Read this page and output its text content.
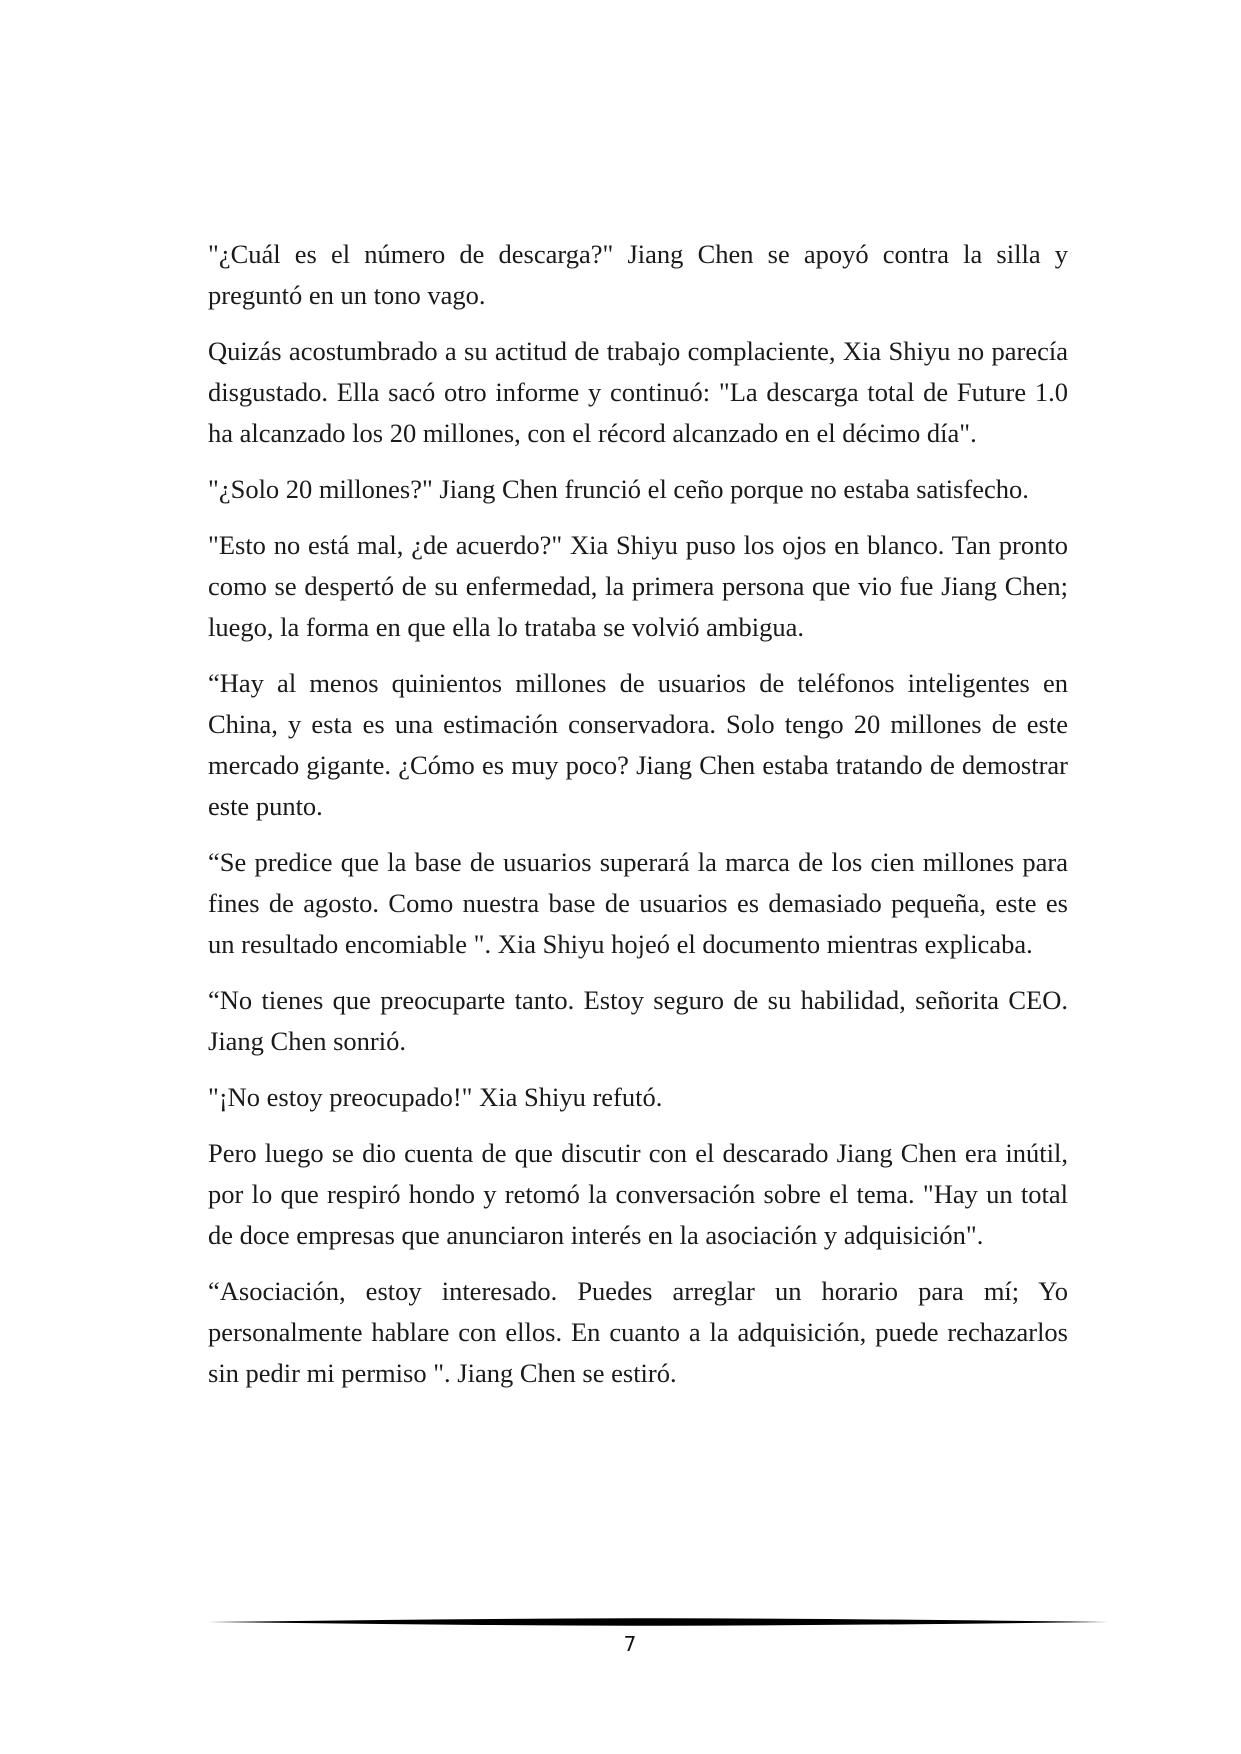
"¿Cuál es el número de descarga?" Jiang Chen se apoyó contra la silla y preguntó en un tono vago.

Quizás acostumbrado a su actitud de trabajo complaciente, Xia Shiyu no parecía disgustado. Ella sacó otro informe y continuó: "La descarga total de Future 1.0 ha alcanzado los 20 millones, con el récord alcanzado en el décimo día".

"¿Solo 20 millones?" Jiang Chen frunció el ceño porque no estaba satisfecho.

"Esto no está mal, ¿de acuerdo?" Xia Shiyu puso los ojos en blanco. Tan pronto como se despertó de su enfermedad, la primera persona que vio fue Jiang Chen; luego, la forma en que ella lo trataba se volvió ambigua.

“Hay al menos quinientos millones de usuarios de teléfonos inteligentes en China, y esta es una estimación conservadora. Solo tengo 20 millones de este mercado gigante. ¿Cómo es muy poco? Jiang Chen estaba tratando de demostrar este punto.

“Se predice que la base de usuarios superará la marca de los cien millones para fines de agosto. Como nuestra base de usuarios es demasiado pequeña, este es un resultado encomiable ". Xia Shiyu hojeó el documento mientras explicaba.

“No tienes que preocuparte tanto. Estoy seguro de su habilidad, señorita CEO. Jiang Chen sonrió.

"¡No estoy preocupado!" Xia Shiyu refutó.

Pero luego se dio cuenta de que discutir con el descarado Jiang Chen era inútil, por lo que respiró hondo y retomó la conversación sobre el tema. "Hay un total de doce empresas que anunciaron interés en la asociación y adquisición".

“Asociación, estoy interesado. Puedes arreglar un horario para mí; Yo personalmente hablare con ellos. En cuanto a la adquisición, puede rechazarlos sin pedir mi permiso ". Jiang Chen se estiró.

7
